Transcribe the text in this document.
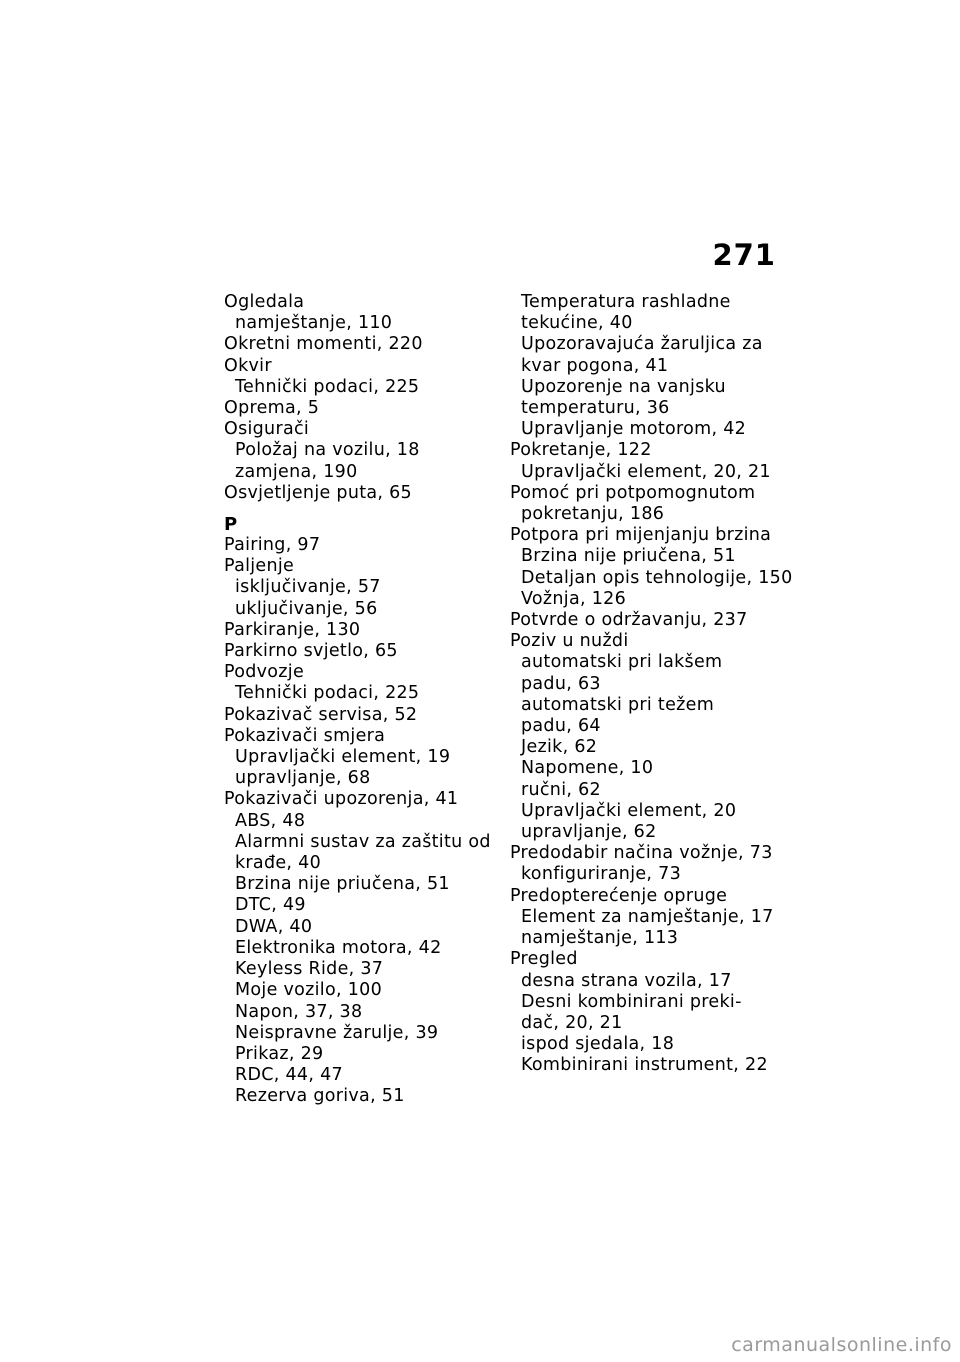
271
Ogledala
namještanje, 110
Okretni momenti, 220
Okvir
Tehnički podaci, 225
Oprema, 5
Osigurači
Položaj na vozilu, 18
zamjena, 190
Osvjetljenje puta, 65
P
Pairing, 97
Paljenje
isključivanje, 57
uključivanje, 56
Parkiranje, 130
Parkirno svjetlo, 65
Podvozje
Tehnički podaci, 225
Pokazivač servisa, 52
Pokazivači smjera
Upravljački element, 19
upravljanje, 68
Pokazivači upozorenja, 41
ABS, 48
Alarmni sustav za zaštitu od
krađe, 40
Brzina nije priučena, 51
DTC, 49
DWA, 40
Elektronika motora, 42
Keyless Ride, 37
Moje vozilo, 100
Napon, 37, 38
Neispravne žarulje, 39
Prikaz, 29
RDC, 44, 47
Rezerva goriva, 51
Temperatura rashladne
tekućine, 40
Upozoravajuća žaruljica za
kvar pogona, 41
Upozorenje na vanjsku
temperaturu, 36
Upravljanje motorom, 42
Pokretanje, 122
Upravljački element, 20, 21
Pomoć pri potpomognutom
pokretanju, 186
Potpora pri mijenjanju brzina
Brzina nije priučena, 51
Detaljan opis tehnologije, 150
Vožnja, 126
Potvrde o održavanju, 237
Poziv u nuždi
automatski pri lakšem
padu, 63
automatski pri težem
padu, 64
Jezik, 62
Napomene, 10
ručni, 62
Upravljački element, 20
upravljanje, 62
Predodabir načina vožnje, 73
konfiguriranje, 73
Predopterećenje opruge
Element za namještanje, 17
namještanje, 113
Pregled
desna strana vozila, 17
Desni kombinirani preki-
dač, 20, 21
ispod sjedala, 18
Kombinirani instrument, 22
carmanualsonline.info
